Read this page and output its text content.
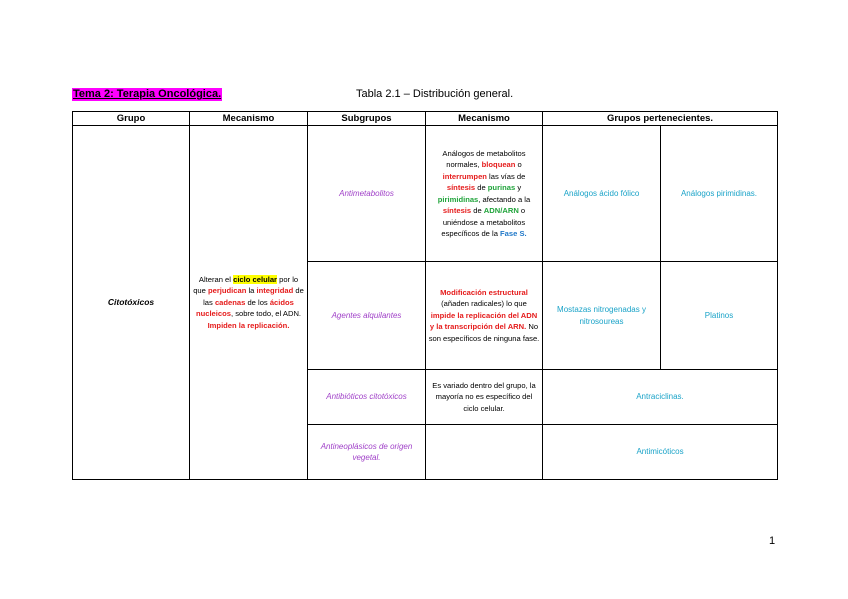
Tema 2: Terapia Oncológica.	Tabla 2.1 – Distribución general.
Grupo	Mecanismo	Subgrupos	Mecanismo	Grupos pertenecientes.	
Citotóxicos	Alteran el ciclo celular por lo que perjudican la integridad de las cadenas de los ácidos nucleicos, sobre todo, el ADN. Impiden la replicación.	Antimetabolitos	Análogos de metabolitos normales, bloquean o interrumpen las vías de síntesis de purinas y pirimidinas, afectando a la síntesis de ADN/ARN o uniéndose a metabolitos específicos de la Fase S.	Análogos ácido fólico	Análogos pirimidinas.
		Agentes alquilantes	Modificación estructural (añaden radicales) lo que impide la replicación del ADN y la transcripción del ARN. No son específicos de ninguna fase.	Mostazas nitrogenadas y nitrosoureas	Platinos
		Antibióticos citotóxicos	Es variado dentro del grupo, la mayoría no es específico del ciclo celular.	Antraciclinas.	
		Antineoplásicos de origen vegetal.		Antimicóticos	
1
